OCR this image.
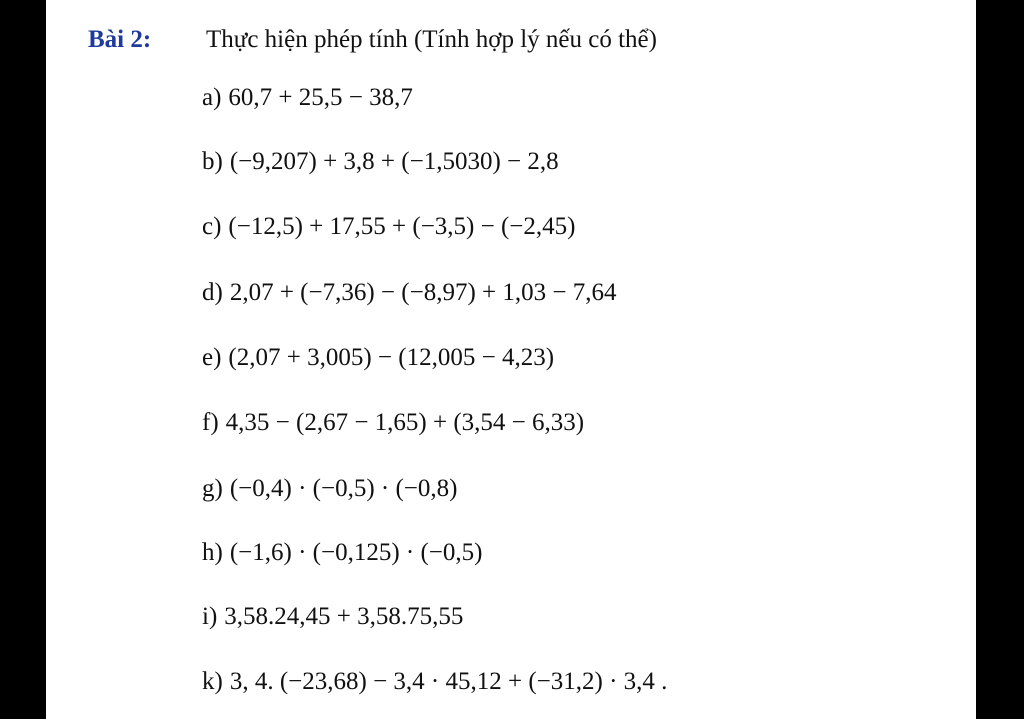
Bài 2: Thực hiện phép tính (Tính hợp lý nếu có thể)
a) 60,7 + 25,5 − 38,7
b) (−9,207) + 3,8 + (−1,5030) − 2,8
c) (−12,5) + 17,55 + (−3,5) − (−2,45)
d) 2,07 + (−7,36) − (−8,97) + 1,03 − 7,64
e) (2,07 + 3,005) − (12,005 − 4,23)
f) 4,35 − (2,67 − 1,65) + (3,54 − 6,33)
g) (−0,4) · (−0,5) · (−0,8)
h) (−1,6) · (−0,125) · (−0,5)
i) 3,58.24,45 + 3,58.75,55
k) 3, 4. (−23,68) − 3,4 · 45,12 + (−31,2) · 3,4 .
